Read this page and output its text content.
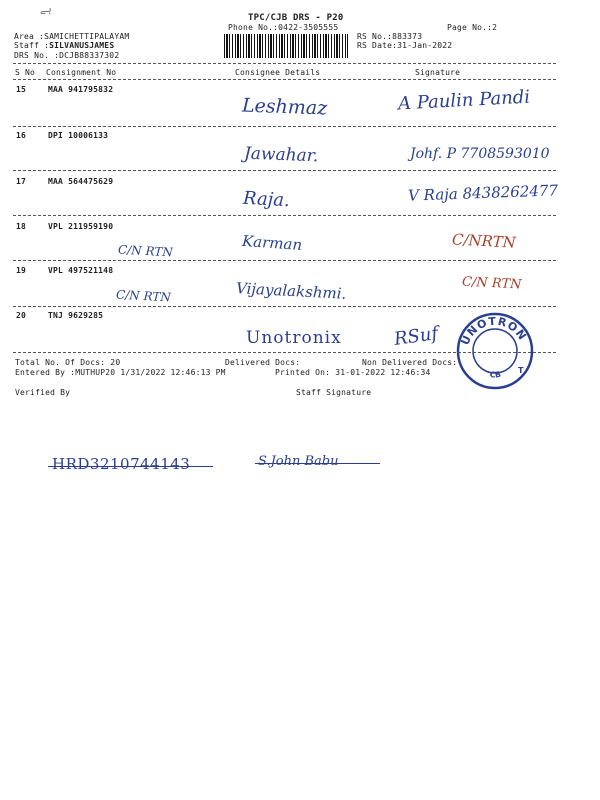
ہے
TPC/CJB DRS - P20
Phone No.:0422-3505555	Page No.:2
Area :SAMICHETTIPALAYAM
Staff :SILVANUSJAMES
DRS No. :DCJB88337302
RS No.:883373
RS Date:31-Jan-2022
S No Consignment No	Consignee Details	Signature
15	MAA 941795832
Leshmaz	A Paulin Pandi
16	DPI 10006133
Jawahar.	Johf. P 7708593010
17	MAA 564475629
Raja.	V Raja 8438262477
18	VPL 211959190
C/N RTN	Karman	C/NRTN
19	VPL 497521148
C/N RTN	Vijayalakshmi.	C/N RTN
20	TNJ 9629285
Unotronix	RSuf UNOTRON
CB T
Total No. Of Docs: 20	Delivered Docs:	Non Delivered Docs:
Entered By :MUTHUP20 1/31/2022 12:46:13 PM	Printed On: 31-01-2022 12:46:34
Verified By	Staff Signature
HRD3210744143	S.John Babu
